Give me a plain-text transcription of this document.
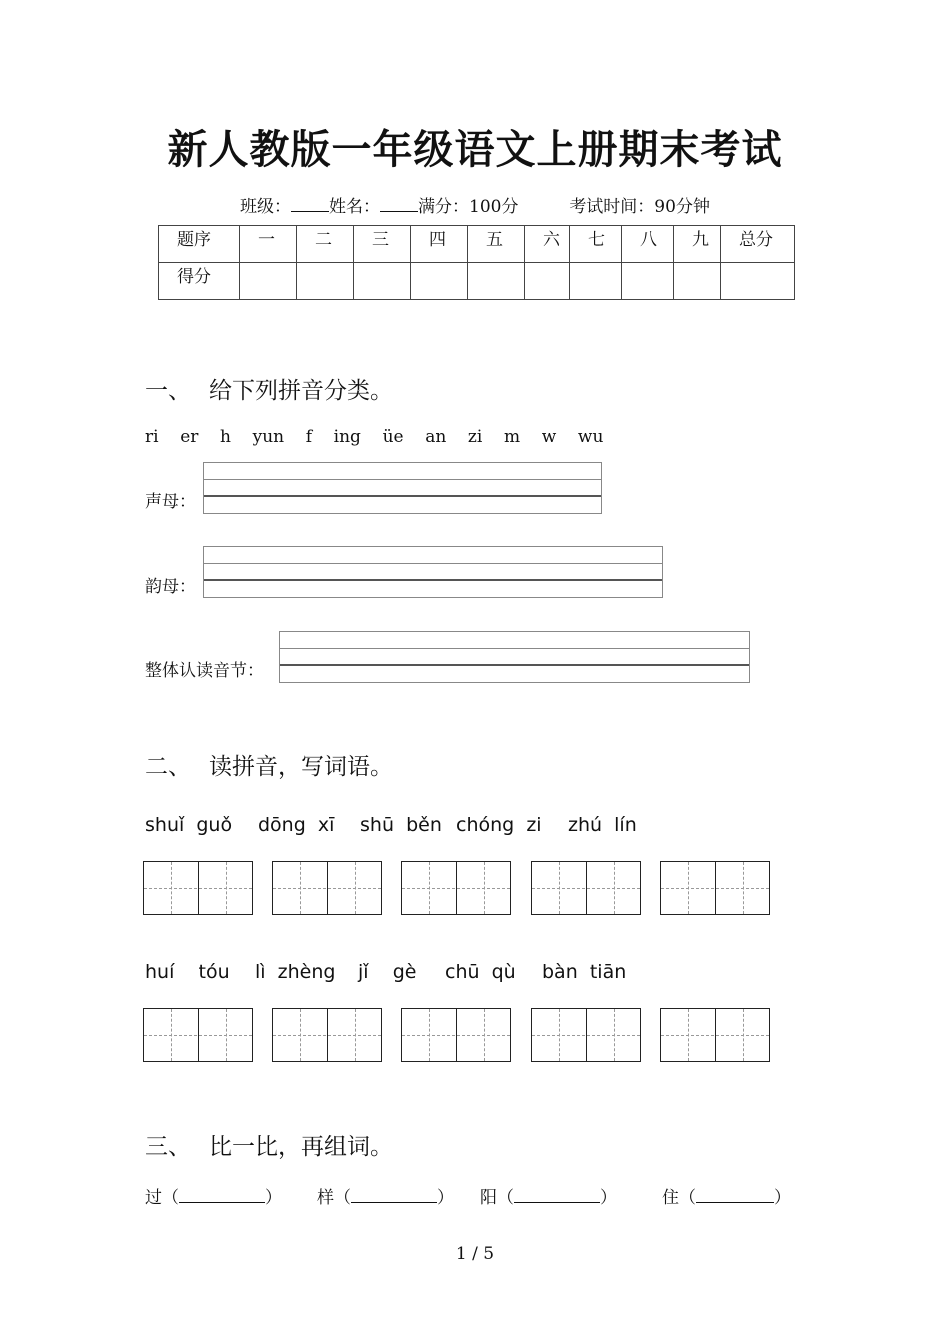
新人教版一年级语文上册期末考试
班级： 姓名： 满分：100分	考试时间：90分钟
题序	一	二	三	四	五	六	七	八	九	总分
得分										
一、 给下列拼音分类。
ri er h yun f ing üe an zi m w wu
声母：
韵母：
整体认读音节：
二、 读拼音，写词语。
shuǐ guǒ dōng xī shū běn chóng zi zhú lín
huí tóu lì zhèng jǐ gè chū qù bàn tiān
三、 比一比，再组词。
过（	） 样（	） 阳（	）	住（	）
1 / 5
